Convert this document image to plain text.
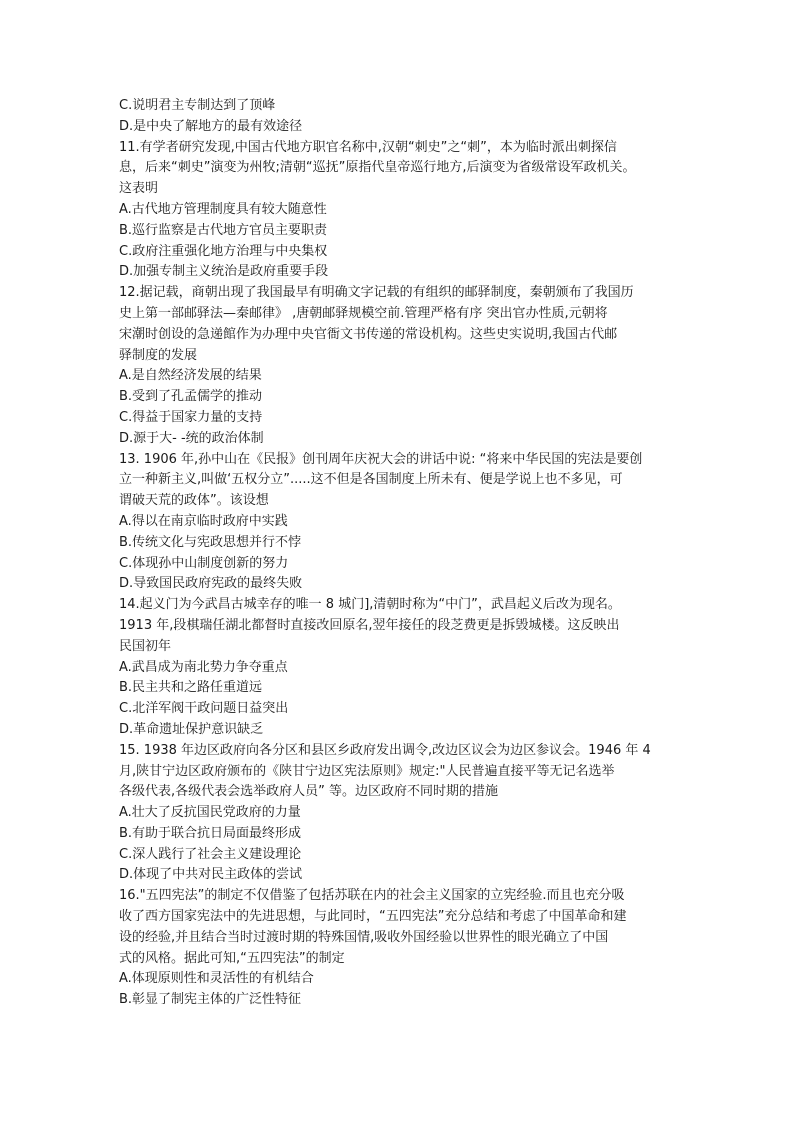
C.说明君主专制达到了顶峰
D.是中央了解地方的最有效途径
11.有学者研究发现,中国古代地方职官名称中,汉朝“刺史”之“刺”，本为临时派出刺探信
息，后来“刺史”演变为州牧;清朝“巡抚”原指代皇帝巡行地方,后演变为省级常设军政机关。
这表明
A.古代地方管理制度具有较大随意性
B.巡行监察是古代地方官员主要职责
C.政府注重强化地方治理与中央集权
D.加强专制主义统治是政府重要手段
12.据记载，商朝出现了我国最早有明确文字记载的有组织的邮驿制度，秦朝颁布了我国历
史上第一部邮驿法—秦邮律》 ,唐朝邮驿规模空前.管理严格有序 突出官办性质,元朝将
宋潮时创设的急递館作为办理中央官衙文书传递的常设机构。这些史实说明,我国古代邮
驿制度的发展
A.是自然经济发展的结果
B.受到了孔孟儒学的推动
C.得益于国家力量的支持
D.源于大- -统的政治体制
13. 1906 年,孙中山在《民报》创刊周年庆祝大会的讲话中说: “将来中华民国的宪法是要创
立一种新主义,叫做‘五权分立”.....这不但是各国制度上所未有、便是学说上也不多见，可
谓破天荒的政体”。该设想
A.得以在南京临时政府中实践
B.传统文化与宪政思想并行不悖
C.体现孙中山制度创新的努力
D.导致国民政府宪政的最终失败
14.起义门为今武昌古城幸存的唯一 8 城门],清朝时称为“中门”，武昌起义后改为现名。
1913 年,段棋瑞任湖北都督时直接改回原名,翌年接任的段芝费更是拆毁城楼。这反映出
民国初年
A.武昌成为南北势力争夺重点
B.民主共和之路任重道远
C.北洋军阀干政问题日益突出
D.革命遗址保护意识缺乏
15. 1938 年边区政府向各分区和县区乡政府发出调令,改边区议会为边区参议会。1946 年 4
月,陕甘宁边区政府颁布的《陕甘宁边区宪法原则》规定:"人民普遍直接平等无记名选举
各级代表,各级代表会选举政府人员” 等。边区政府不同时期的措施
A.壮大了反抗国民党政府的力量
B.有助于联合抗日局面最终形成
C.深人践行了社会主义建设理论
D.体现了中共对民主政体的尝试
16."五四宪法”的制定不仅借鉴了包括苏联在内的社会主义国家的立宪经验.而且也充分吸
收了西方国家宪法中的先进思想，与此同时，“五四宪法”充分总结和考虑了中国革命和建
设的经验,并且结合当时过渡时期的特殊国情,吸收外国经验以世界性的眼光确立了中国
式的风格。据此可知,“五四宪法”的制定
A.体现原则性和灵活性的有机结合
B.彰显了制宪主体的广泛性特征
